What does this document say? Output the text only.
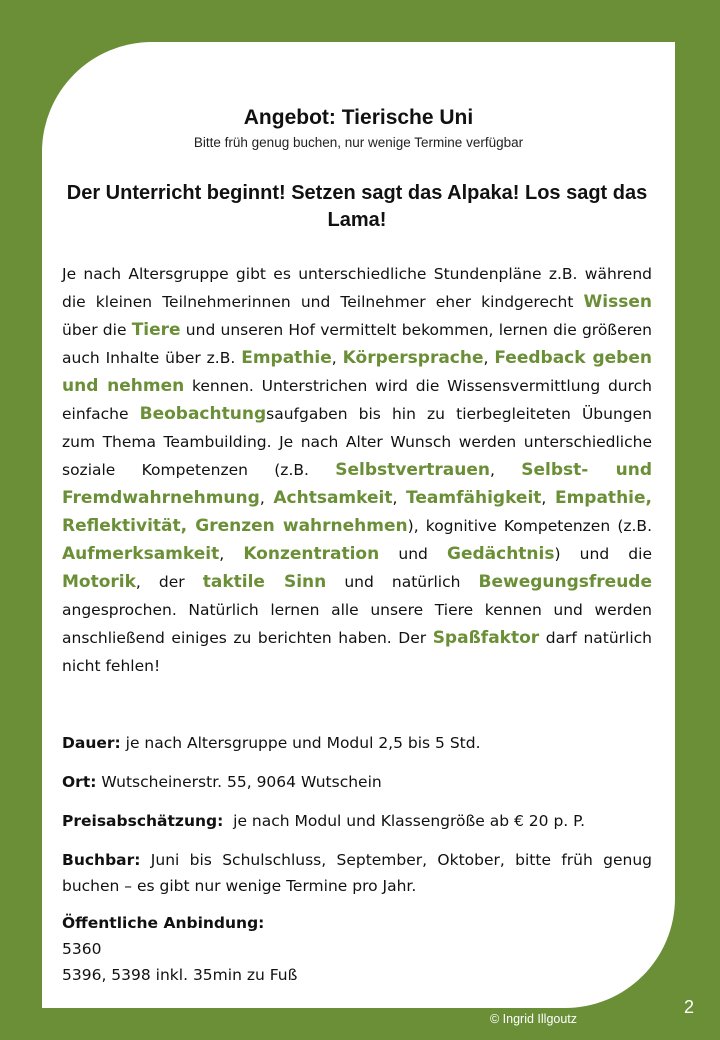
Angebot: Tierische Uni
Bitte früh genug buchen, nur wenige Termine verfügbar
Der Unterricht beginnt! Setzen sagt das Alpaka! Los sagt das Lama!
Je nach Altersgruppe gibt es unterschiedliche Stundenpläne z.B. während die kleinen Teilnehmerinnen und Teilnehmer eher kindgerecht Wissen über die Tiere und unseren Hof vermittelt bekommen, lernen die größeren auch Inhalte über z.B. Empathie, Körpersprache, Feedback geben und nehmen kennen. Unterstrichen wird die Wissensvermittlung durch einfache Beobachtungsaufgaben bis hin zu tierbegleiteten Übungen zum Thema Teambuilding. Je nach Alter Wunsch werden unterschiedliche soziale Kompetenzen (z.B. Selbstvertrauen, Selbst- und Fremdwahrnehmung, Achtsamkeit, Teamfähigkeit, Empathie, Reflektivität, Grenzen wahrnehmen), kognitive Kompetenzen (z.B. Aufmerksamkeit, Konzentration und Gedächtnis) und die Motorik, der taktile Sinn und natürlich Bewegungsfreude angesprochen. Natürlich lernen alle unsere Tiere kennen und werden anschließend einiges zu berichten haben. Der Spaßfaktor darf natürlich nicht fehlen!
Dauer: je nach Altersgruppe und Modul 2,5 bis 5 Std.
Ort: Wutscheinerstr. 55, 9064 Wutschein
Preisabschätzung:  je nach Modul und Klassengröße ab € 20 p. P.
Buchbar: Juni bis Schulschluss, September, Oktober, bitte früh genug buchen – es gibt nur wenige Termine pro Jahr.
Öffentliche Anbindung:
5360
5396, 5398 inkl. 35min zu Fuß
© Ingrid Illgoutz
2
